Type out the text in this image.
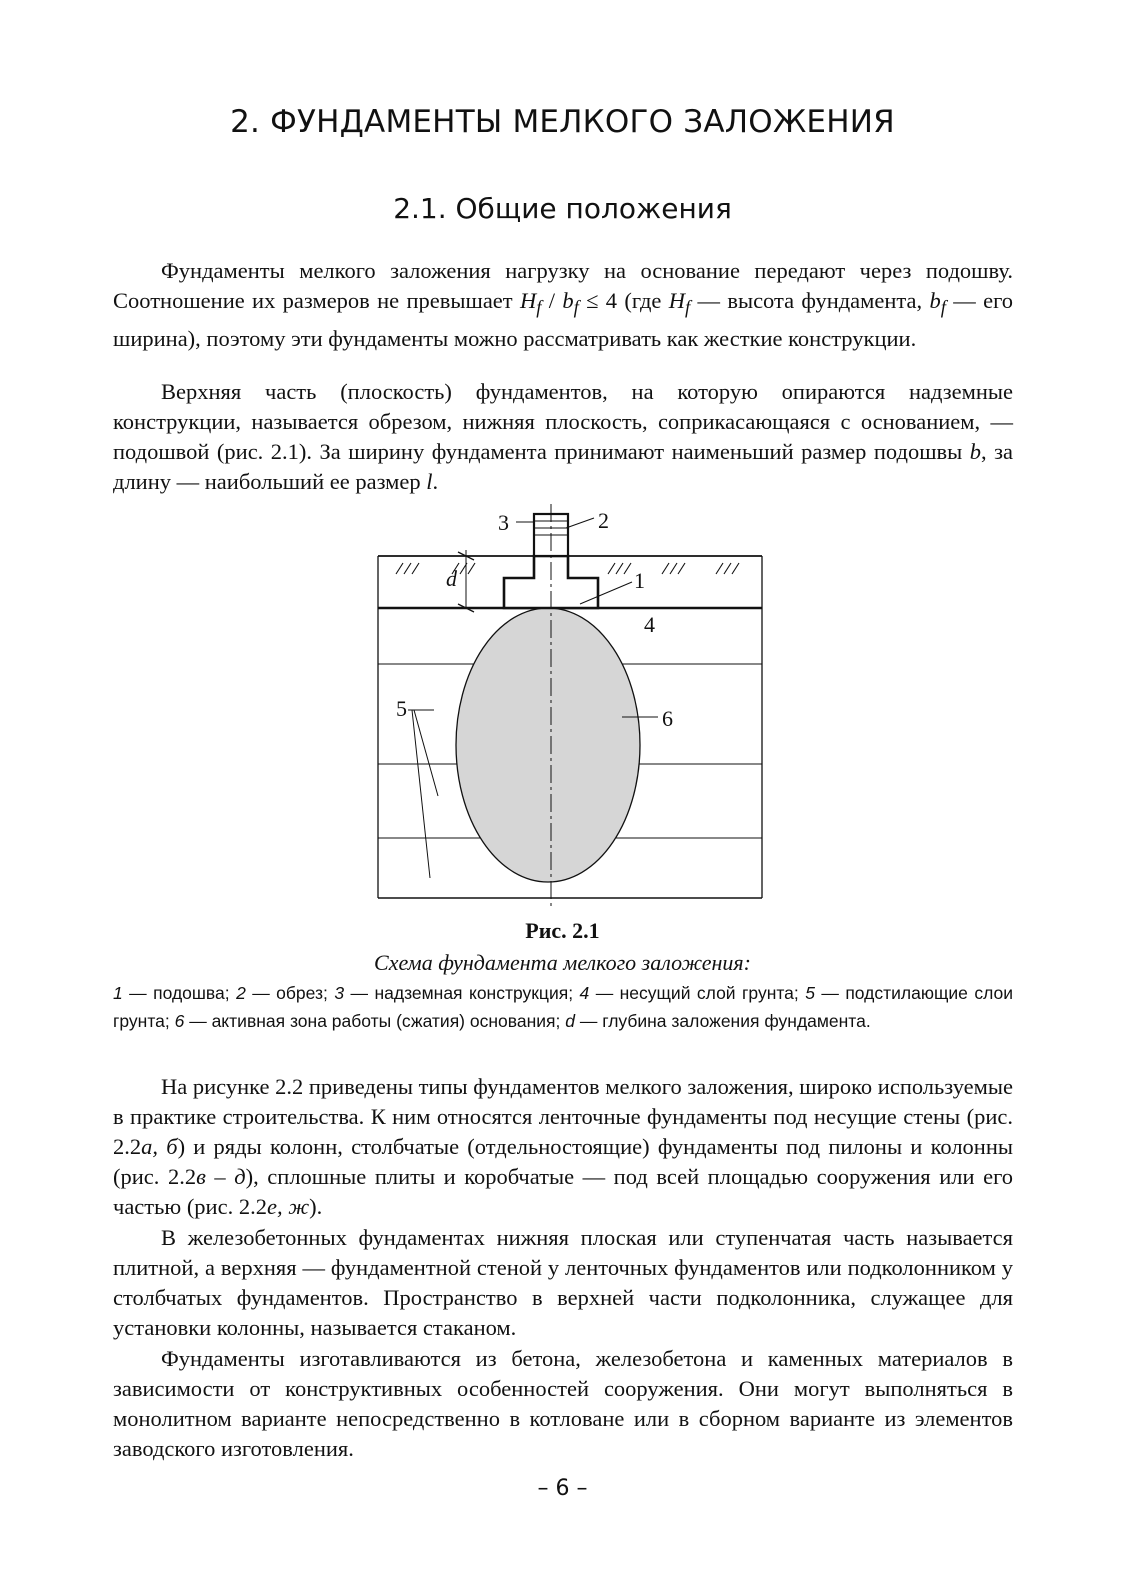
2. ФУНДАМЕНТЫ МЕЛКОГО ЗАЛОЖЕНИЯ
2.1. Общие положения

Фундаменты мелкого заложения нагрузку на основание передают через подошву. Соотношение их размеров не превышает $H_f / b_f \le 4$ (где $H_f$ — высота фундамента, $b_f$ — его ширина), поэтому эти фундаменты можно рассматривать как жесткие конструкции.

Верхняя часть (плоскость) фундаментов, на которую опираются надземные конструкции, называется обрезом, нижняя плоскость, соприкасающаяся с основанием, — подошвой (рис. 2.1). За ширину фундамента принимают наименьший размер подошвы b, за длину — наибольший ее размер l.

d
3	2
1
4
6
5
Рис. 2.1
Схема фундамента мелкого заложения:

1 — подошва; 2 — обрез; 3 — надземная конструкция; 4 — несущий слой грунта; 5 — подстилающие слои грунта; 6 — активная зона работы (сжатия) основания; d — глубина заложения фундамента.

На рисунке 2.2 приведены типы фундаментов мелкого заложения, широко используемые в практике строительства. К ним относятся ленточные фундаменты под несущие стены (рис. 2.2а, б) и ряды колонн, столбчатые (отдельностоящие) фундаменты под пилоны и колонны (рис. 2.2в – д), сплошные плиты и коробчатые — под всей площадью сооружения или его частью (рис. 2.2е, ж).

В железобетонных фундаментах нижняя плоская или ступенчатая часть называется плитной, а верхняя — фундаментной стеной у ленточных фундаментов или подколонником у столбчатых фундаментов. Пространство в верхней части подколонника, служащее для установки колонны, называется стаканом.

Фундаменты изготавливаются из бетона, железобетона и каменных материалов в зависимости от конструктивных особенностей сооружения. Они могут выполняться в монолитном варианте непосредственно в котловане или в сборном варианте из элементов заводского изготовления.

– 6 –
